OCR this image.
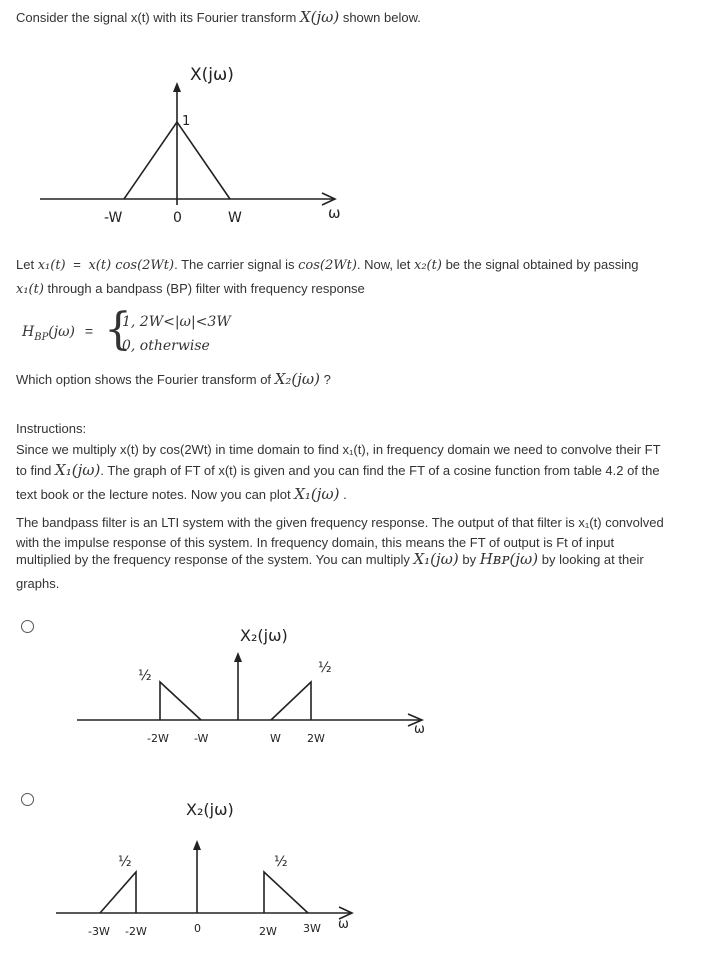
Consider the signal x(t) with its Fourier transform X(jω) shown below.
X(jω)
1
-W	0	W	ω
Let x₁(t) = x(t) cos(2Wt). The carrier signal is cos(2Wt). Now, let x₂(t) be the signal obtained by passing
x₁(t) through a bandpass (BP) filter with frequency response
$H_{BP}(j\omega)$ = {
1, 2W<|ω|<3W
0, otherwise
Which option shows the Fourier transform of X₂(jω) ?
Instructions:
Since we multiply x(t) by cos(2Wt) in time domain to find x₁(t), in frequency domain we need to convolve their FT
to find X₁(jω). The graph of FT of x(t) is given and you can find the FT of a cosine function from table 4.2 of the
text book or the lecture notes. Now you can plot X₁(jω) .
The bandpass filter is an LTI system with the given frequency response. The output of that filter is x₁(t) convolved
with the impulse response of this system. In frequency domain, this means the FT of output is Ft of input
multiplied by the frequency response of the system. You can multiply X₁(jω) by Hʙᴘ(jω) by looking at their
graphs.
X₂(jω)
½	½
-2W -W	W 2W
ω
X₂(jω)
½	½
-3W -2W	0	2W 3W ω
